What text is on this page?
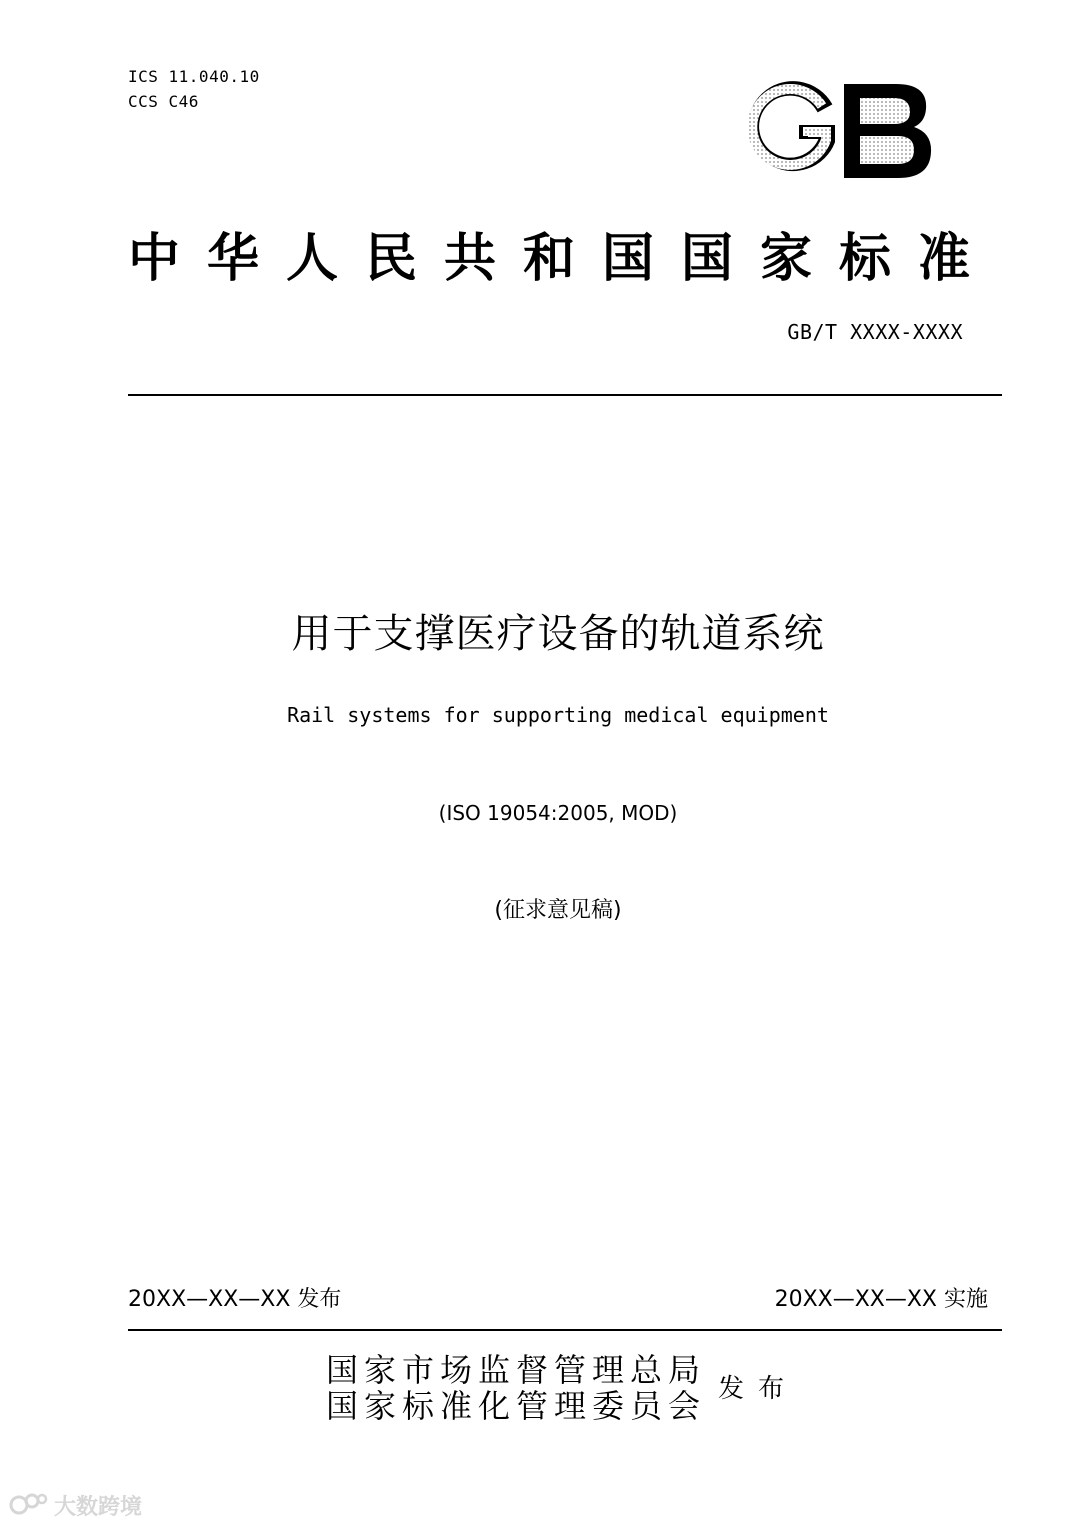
ICS 11.040.10
CCS C46
GB
中华人民共和国国家标准
GB/T XXXX-XXXX
用于支撑医疗设备的轨道系统
Rail systems for supporting medical equipment
(ISO 19054:2005, MOD)
(征求意见稿)
20XX—XX—XX 发布	20XX—XX—XX 实施
国家市场监督管理总局
国家标准化管理委员会 发布
大数跨境
